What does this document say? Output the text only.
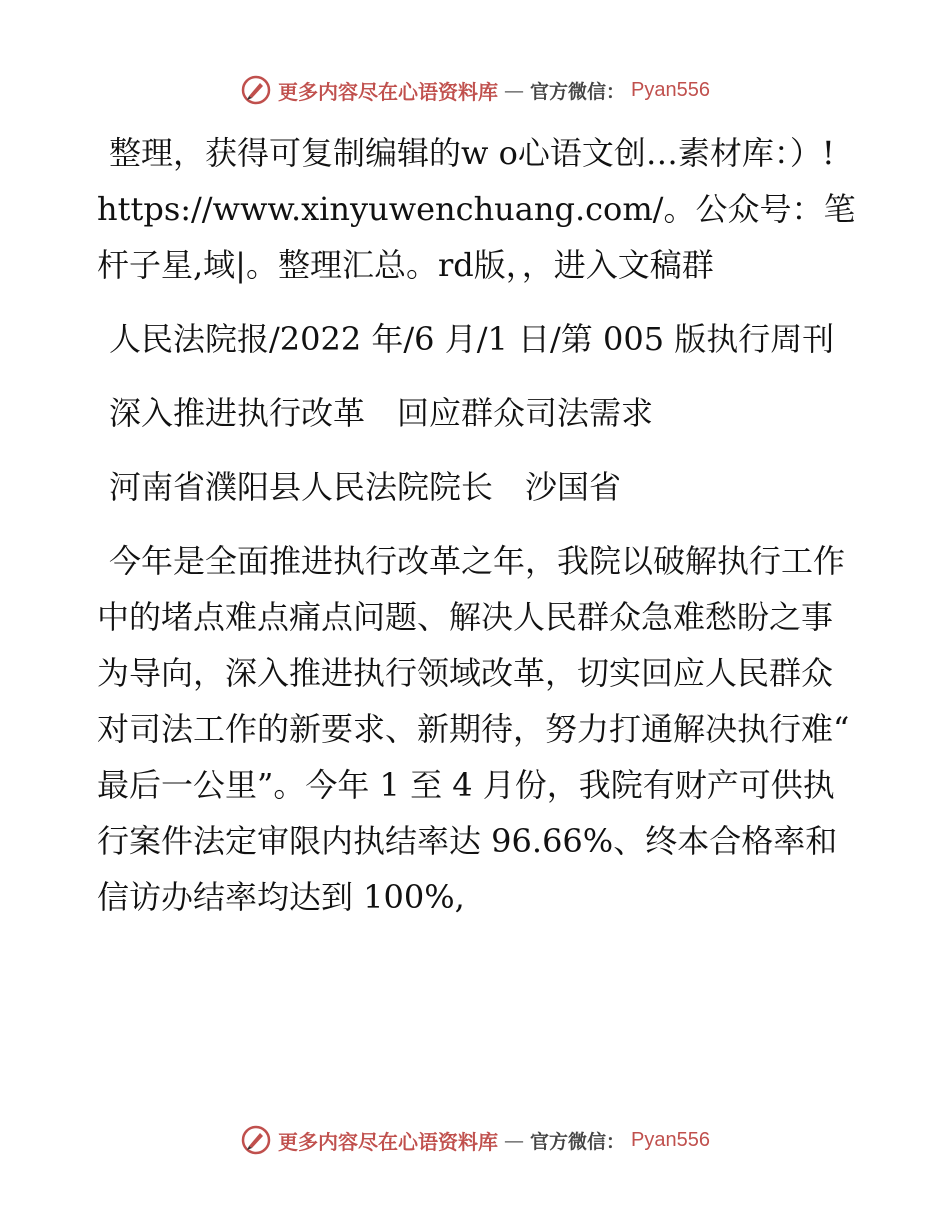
更多内容尽在心语资料库 — 官方微信： Pyan556

整理，获得可复制编辑的w o心语文创…素材库：）! https://www.xinyuwenchuang.com/。公众号：笔杆子星,域|。整理汇总。rd版，，进入文稿群

人民法院报/2022 年/6 月/1 日/第 005 版执行周刊

深入推进执行改革　回应群众司法需求

河南省濮阳县人民法院院长　沙国省

今年是全面推进执行改革之年，我院以破解执行工作中的堵点难点痛点问题、解决人民群众急难愁盼之事为导向，深入推进执行领域改革，切实回应人民群众对司法工作的新要求、新期待，努力打通解决执行难“ 最后一公里”。今年 1 至 4 月份，我院有财产可供执行案件法定审限内执结率达 96.66%、终本合格率和信访办结率均达到 100%,

更多内容尽在心语资料库 — 官方微信： Pyan556
